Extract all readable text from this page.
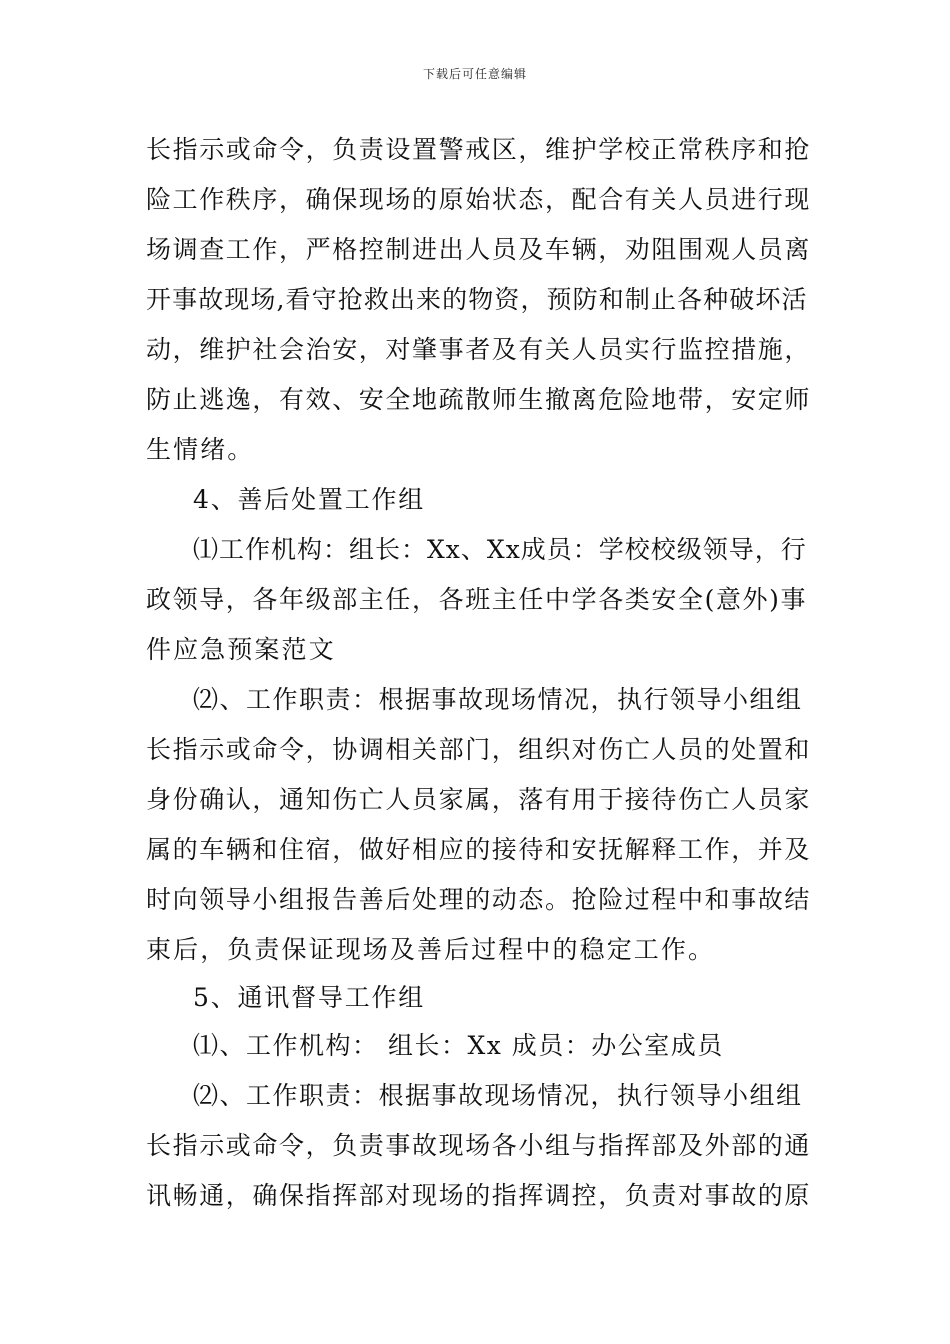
下载后可任意编辑
长指示或命令，负责设置警戒区，维护学校正常秩序和抢
险工作秩序，确保现场的原始状态，配合有关人员进行现
场调查工作，严格控制进出人员及车辆，劝阻围观人员离
开事故现场,看守抢救出来的物资，预防和制止各种破坏活
动，维护社会治安，对肇事者及有关人员实行监控措施，
防止逃逸，有效、安全地疏散师生撤离危险地带，安定师
生情绪。
4、善后处置工作组
⑴工作机构：组长：Xx、Xx成员：学校校级领导，行
政领导，各年级部主任，各班主任中学各类安全(意外)事
件应急预案范文
⑵、工作职责：根据事故现场情况，执行领导小组组
长指示或命令，协调相关部门，组织对伤亡人员的处置和
身份确认，通知伤亡人员家属，落有用于接待伤亡人员家
属的车辆和住宿，做好相应的接待和安抚解释工作，并及
时向领导小组报告善后处理的动态。抢险过程中和事故结
束后，负责保证现场及善后过程中的稳定工作。
5、通讯督导工作组
⑴、工作机构： 组长：Xx 成员：办公室成员
⑵、工作职责：根据事故现场情况，执行领导小组组
长指示或命令，负责事故现场各小组与指挥部及外部的通
讯畅通，确保指挥部对现场的指挥调控，负责对事故的原
